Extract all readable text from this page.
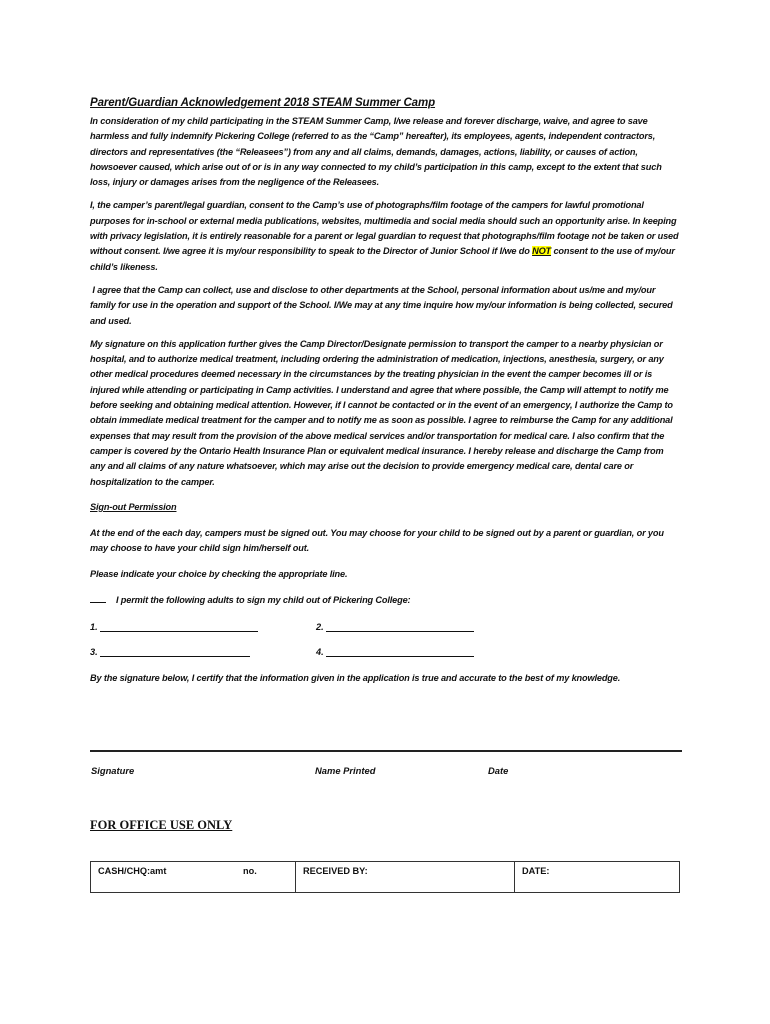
Parent/Guardian Acknowledgement 2018 STEAM Summer Camp

In consideration of my child participating in the STEAM Summer Camp, I/we release and forever discharge, waive, and agree to save harmless and fully indemnify Pickering College (referred to as the “Camp” hereafter), its employees, agents, independent contractors, directors and representatives (the “Releasees”) from any and all claims, demands, damages, actions, liability, or causes of action, howsoever caused, which arise out of or is in any way connected to my child’s participation in this camp, except to the extent that such loss, injury or damages arises from the negligence of the Releasees.

I, the camper’s parent/legal guardian, consent to the Camp’s use of photographs/film footage of the campers for lawful promotional purposes for in-school or external media publications, websites, multimedia and social media should such an opportunity arise. In keeping with privacy legislation, it is entirely reasonable for a parent or legal guardian to request that photographs/film footage not be taken or used without consent. I/we agree it is my/our responsibility to speak to the Director of Junior School if I/we do NOT consent to the use of my/our child’s likeness.

I agree that the Camp can collect, use and disclose to other departments at the School, personal information about us/me and my/our family for use in the operation and support of the School. I/We may at any time inquire how my/our information is being collected, secured and used.

My signature on this application further gives the Camp Director/Designate permission to transport the camper to a nearby physician or hospital, and to authorize medical treatment, including ordering the administration of medication, injections, anesthesia, surgery, or any other medical procedures deemed necessary in the circumstances by the treating physician in the event the camper becomes ill or is injured while attending or participating in Camp activities. I understand and agree that where possible, the Camp will attempt to notify me before seeking and obtaining medical attention. However, if I cannot be contacted or in the event of an emergency, I authorize the Camp to obtain immediate medical treatment for the camper and to notify me as soon as possible. I agree to reimburse the Camp for any additional expenses that may result from the provision of the above medical services and/or transportation for medical care. I also confirm that the camper is covered by the Ontario Health Insurance Plan or equivalent medical insurance. I hereby release and discharge the Camp from any and all claims of any nature whatsoever, which may arise out the decision to provide emergency medical care, dental care or hospitalization to the camper.

Sign-out Permission

At the end of the each day, campers must be signed out. You may choose for your child to be signed out by a parent or guardian, or you may choose to have your child sign him/herself out.

Please indicate your choice by checking the appropriate line.

I permit the following adults to sign my child out of Pickering College:

1.	2.
3.	4.

By the signature below, I certify that the information given in the application is true and accurate to the best of my knowledge.

Signature	Name Printed	Date
FOR OFFICE USE ONLY
CASH/CHQ:amt	no.	RECEIVED BY:	DATE:
